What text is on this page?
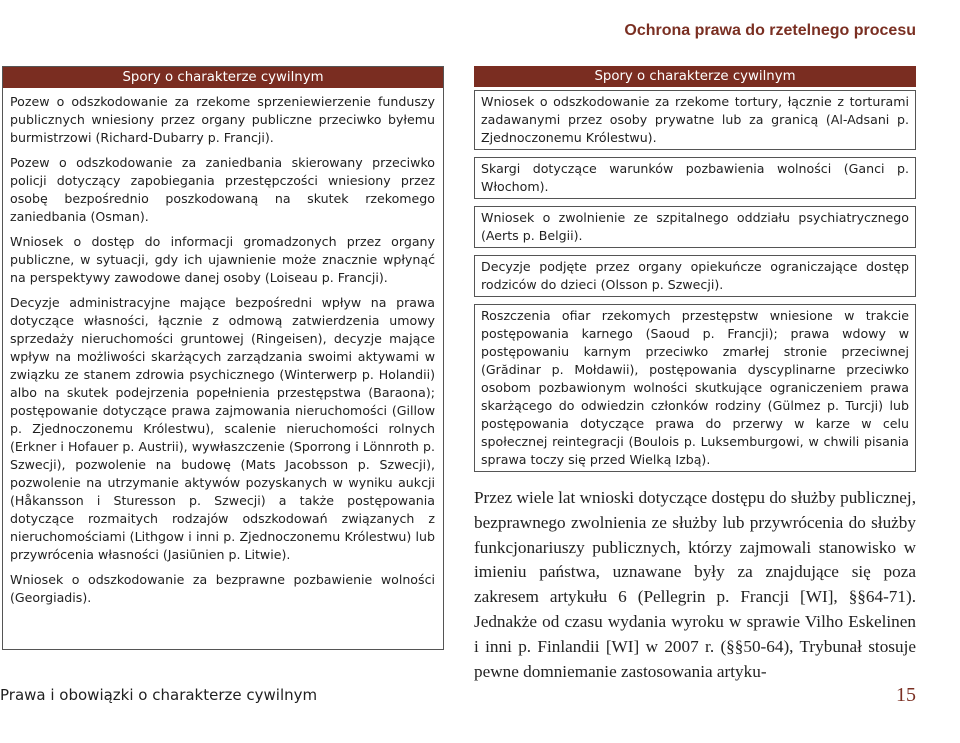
Ochrona prawa do rzetelnego procesu
Spory o charakterze cywilnym

Pozew o odszkodowanie za rzekome sprzeniewierzenie funduszy publicznych wniesiony przez organy publiczne przeciwko byłemu burmistrzowi (Richard-Dubarry p. Francji).

Pozew o odszkodowanie za zaniedbania skierowany przeciwko policji dotyczący zapobiegania przestępczości wniesiony przez osobę bezpośrednio poszkodowaną na skutek rzekomego zaniedbania (Osman).

Wniosek o dostęp do informacji gromadzonych przez organy publiczne, w sytuacji, gdy ich ujawnienie może znacznie wpłynąć na perspektywy zawodowe danej osoby (Loiseau p. Francji).

Decyzje administracyjne mające bezpośredni wpływ na prawa dotyczące własności, łącznie z odmową zatwierdzenia umowy sprzedaży nieruchomości gruntowej (Ringeisen), decyzje mające wpływ na możliwości skarżących zarządzania swoimi aktywami w związku ze stanem zdrowia psychicznego (Winterwerp p. Holandii) albo na skutek podejrzenia popełnienia przestępstwa (Baraona); postępowanie dotyczące prawa zajmowania nieruchomości (Gillow p. Zjednoczonemu Królestwu), scalenie nieruchomości rolnych (Erkner i Hofauer p. Austrii), wywłaszczenie (Sporrong i Lönnroth p. Szwecji), pozwolenie na budowę (Mats Jacobsson p. Szwecji), pozwolenie na utrzymanie aktywów pozyskanych w wyniku aukcji (Håkansson i Sturesson p. Szwecji) a także postępowania dotyczące rozmaitych rodzajów odszkodowań związanych z nieruchomościami (Lithgow i inni p. Zjednoczonemu Królestwu) lub przywrócenia własności (Jasiūnien p. Litwie).

Wniosek o odszkodowanie za bezprawne pozbawienie wolności (Georgiadis).

Spory o charakterze cywilnym

Wniosek o odszkodowanie za rzekome tortury, łącznie z torturami zadawanymi przez osoby prywatne lub za granicą (Al-Adsani p. Zjednoczonemu Królestwu).

Skargi dotyczące warunków pozbawienia wolności (Ganci p. Włochom).

Wniosek o zwolnienie ze szpitalnego oddziału psychiatrycznego (Aerts p. Belgii).

Decyzje podjęte przez organy opiekuńcze ograniczające dostęp rodziców do dzieci (Olsson p. Szwecji).

Roszczenia ofiar rzekomych przestępstw wniesione w trakcie postępowania karnego (Saoud p. Francji); prawa wdowy w postępowaniu karnym przeciwko zmarłej stronie przeciwnej (Grădinar p. Mołdawii), postępowania dyscyplinarne przeciwko osobom pozbawionym wolności skutkujące ograniczeniem prawa skarżącego do odwiedzin członków rodziny (Gülmez p. Turcji) lub postępowania dotyczące prawa do przerwy w karze w celu społecznej reintegracji (Boulois p. Luksemburgowi, w chwili pisania sprawa toczy się przed Wielką Izbą).

Przez wiele lat wnioski dotyczące dostępu do służby publicznej, bezprawnego zwolnienia ze służby lub przywrócenia do służby funkcjonariuszy publicznych, którzy zajmowali stanowisko w imieniu państwa, uznawane były za znajdujące się poza zakresem artykułu 6 (Pellegrin p. Francji [WI], §§64-71). Jednakże od czasu wydania wyroku w sprawie Vilho Eskelinen i inni p. Finlandii [WI] w 2007 r. (§§50-64), Trybunał stosuje pewne domniemanie zastosowania artyku-
Prawa i obowiązki o charakterze cywilnym	15
